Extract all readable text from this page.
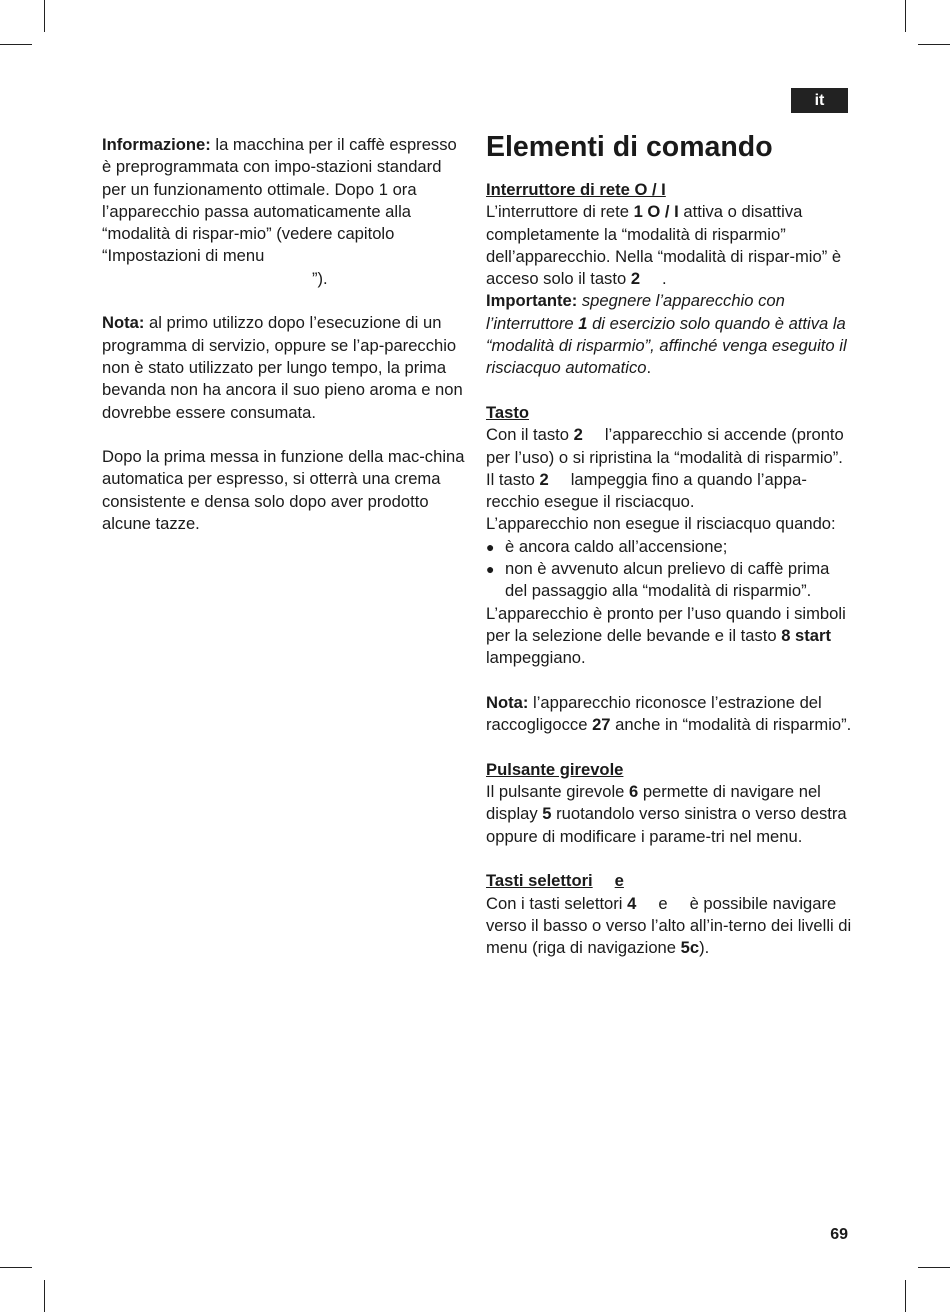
it

Informazione: la macchina per il caffè espresso è preprogrammata con impo-stazioni standard per un funzionamento ottimale. Dopo 1 ora l’apparecchio passa automaticamente alla “modalità di rispar-mio” (vedere capitolo “Impostazioni di menu
”).

Nota: al primo utilizzo dopo l’esecuzione di un programma di servizio, oppure se l’ap-parecchio non è stato utilizzato per lungo tempo, la prima bevanda non ha ancora il suo pieno aroma e non dovrebbe essere consumata.

Dopo la prima messa in funzione della mac-china automatica per espresso, si otterrà una crema consistente e densa solo dopo aver prodotto alcune tazze.

Elementi di comando

Interruttore di rete O / I

L’interruttore di rete 1 O / I attiva o disattiva completamente la “modalità di risparmio” dell’apparecchio. Nella “modalità di rispar-mio” è acceso solo il tasto 2 .

Importante: spegnere l’apparecchio con l’interruttore 1 di esercizio solo quando è attiva la “modalità di risparmio”, affinché venga eseguito il risciacquo automatico.

Tasto

Con il tasto 2 l’apparecchio si accende (pronto per l’uso) o si ripristina la “modalità di risparmio”.

Il tasto 2 lampeggia fino a quando l’appa-recchio esegue il risciacquo.

L’apparecchio non esegue il risciacquo quando:

● è ancora caldo all’accensione;
● non è avvenuto alcun prelievo di caffè prima del passaggio alla “modalità di risparmio”.

L’apparecchio è pronto per l’uso quando i simboli per la selezione delle bevande e il tasto 8 start lampeggiano.

Nota: l’apparecchio riconosce l’estrazione del raccogligocce 27 anche in “modalità di risparmio”.

Pulsante girevole

Il pulsante girevole 6 permette di navigare nel display 5 ruotandolo verso sinistra o verso destra oppure di modificare i parame-tri nel menu.

Tasti selettori e

Con i tasti selettori 4 e è possibile navigare verso il basso o verso l’alto all’in-terno dei livelli di menu (riga di navigazione 5c).

69
